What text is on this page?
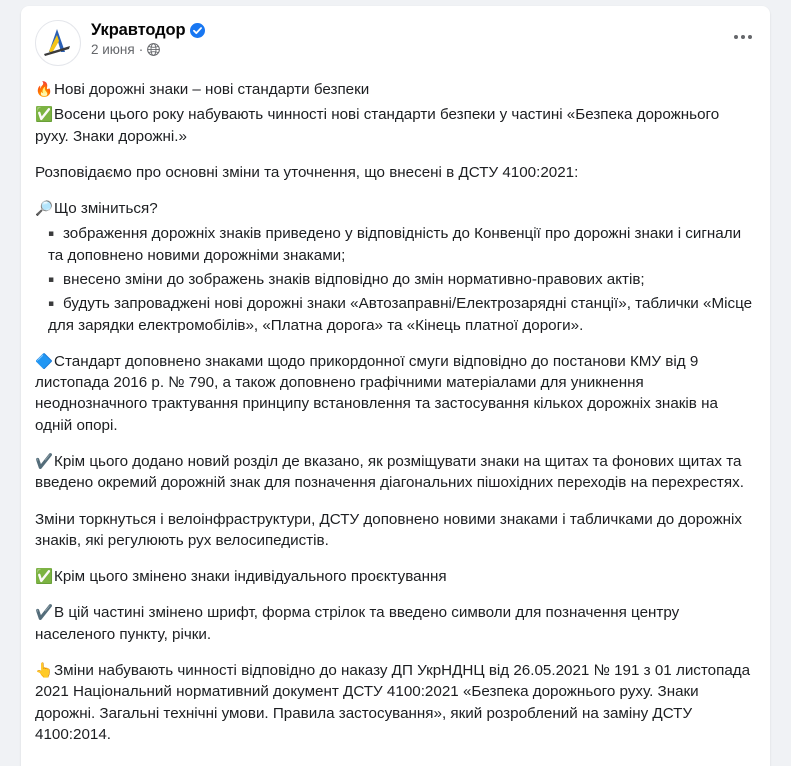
Укравтодор
2 июня ·

🔥Нові дорожні знаки – нові стандарти безпеки

✅Восени цього року набувають чинності нові стандарти безпеки у частині «Безпека дорожнього руху. Знаки дорожні.»

Розповідаємо про основні зміни та уточнення, що внесені в ДСТУ 4100:2021:

🔎Що зміниться?

▪ зображення дорожніх знаків приведено у відповідність до Конвенції про дорожні знаки і сигнали та доповнено новими дорожніми знаками;

▪ внесено зміни до зображень знаків відповідно до змін нормативно-правових актів;

▪ будуть запроваджені нові дорожні знаки «Автозаправні/Електрозарядні станції», таблички «Місце для зарядки електромобілів», «Платна дорога» та «Кінець платної дороги».

🔷Стандарт доповнено знаками щодо прикордонної смуги відповідно до постанови КМУ від 9 листопада 2016 р. № 790, а також доповнено графічними матеріалами для уникнення неоднозначного трактування принципу встановлення та застосування кількох дорожніх знаків на одній опорі.

✔️Крім цього додано новий розділ де вказано, як розміщувати знаки на щитах та фонових щитах та введено окремий дорожній знак для позначення діагональних пішохідних переходів на перехрестях.

Зміни торкнуться і велоінфраструктури, ДСТУ доповнено новими знаками і табличками до дорожніх знаків, які регулюють рух велосипедистів.

✅Крім цього змінено знаки індивідуального проєктування

✔️В цій частині змінено шрифт, форма стрілок та введено символи для позначення центру населеного пункту, річки.

👆Зміни набувають чинності відповідно до наказу ДП УкрНДНЦ від 26.05.2021 № 191 з 01 листопада 2021 Національний нормативний документ ДСТУ 4100:2021 «Безпека дорожнього руху. Знаки дорожні. Загальні технічні умови. Правила застосування», який розроблений на заміну ДСТУ 4100:2014.
